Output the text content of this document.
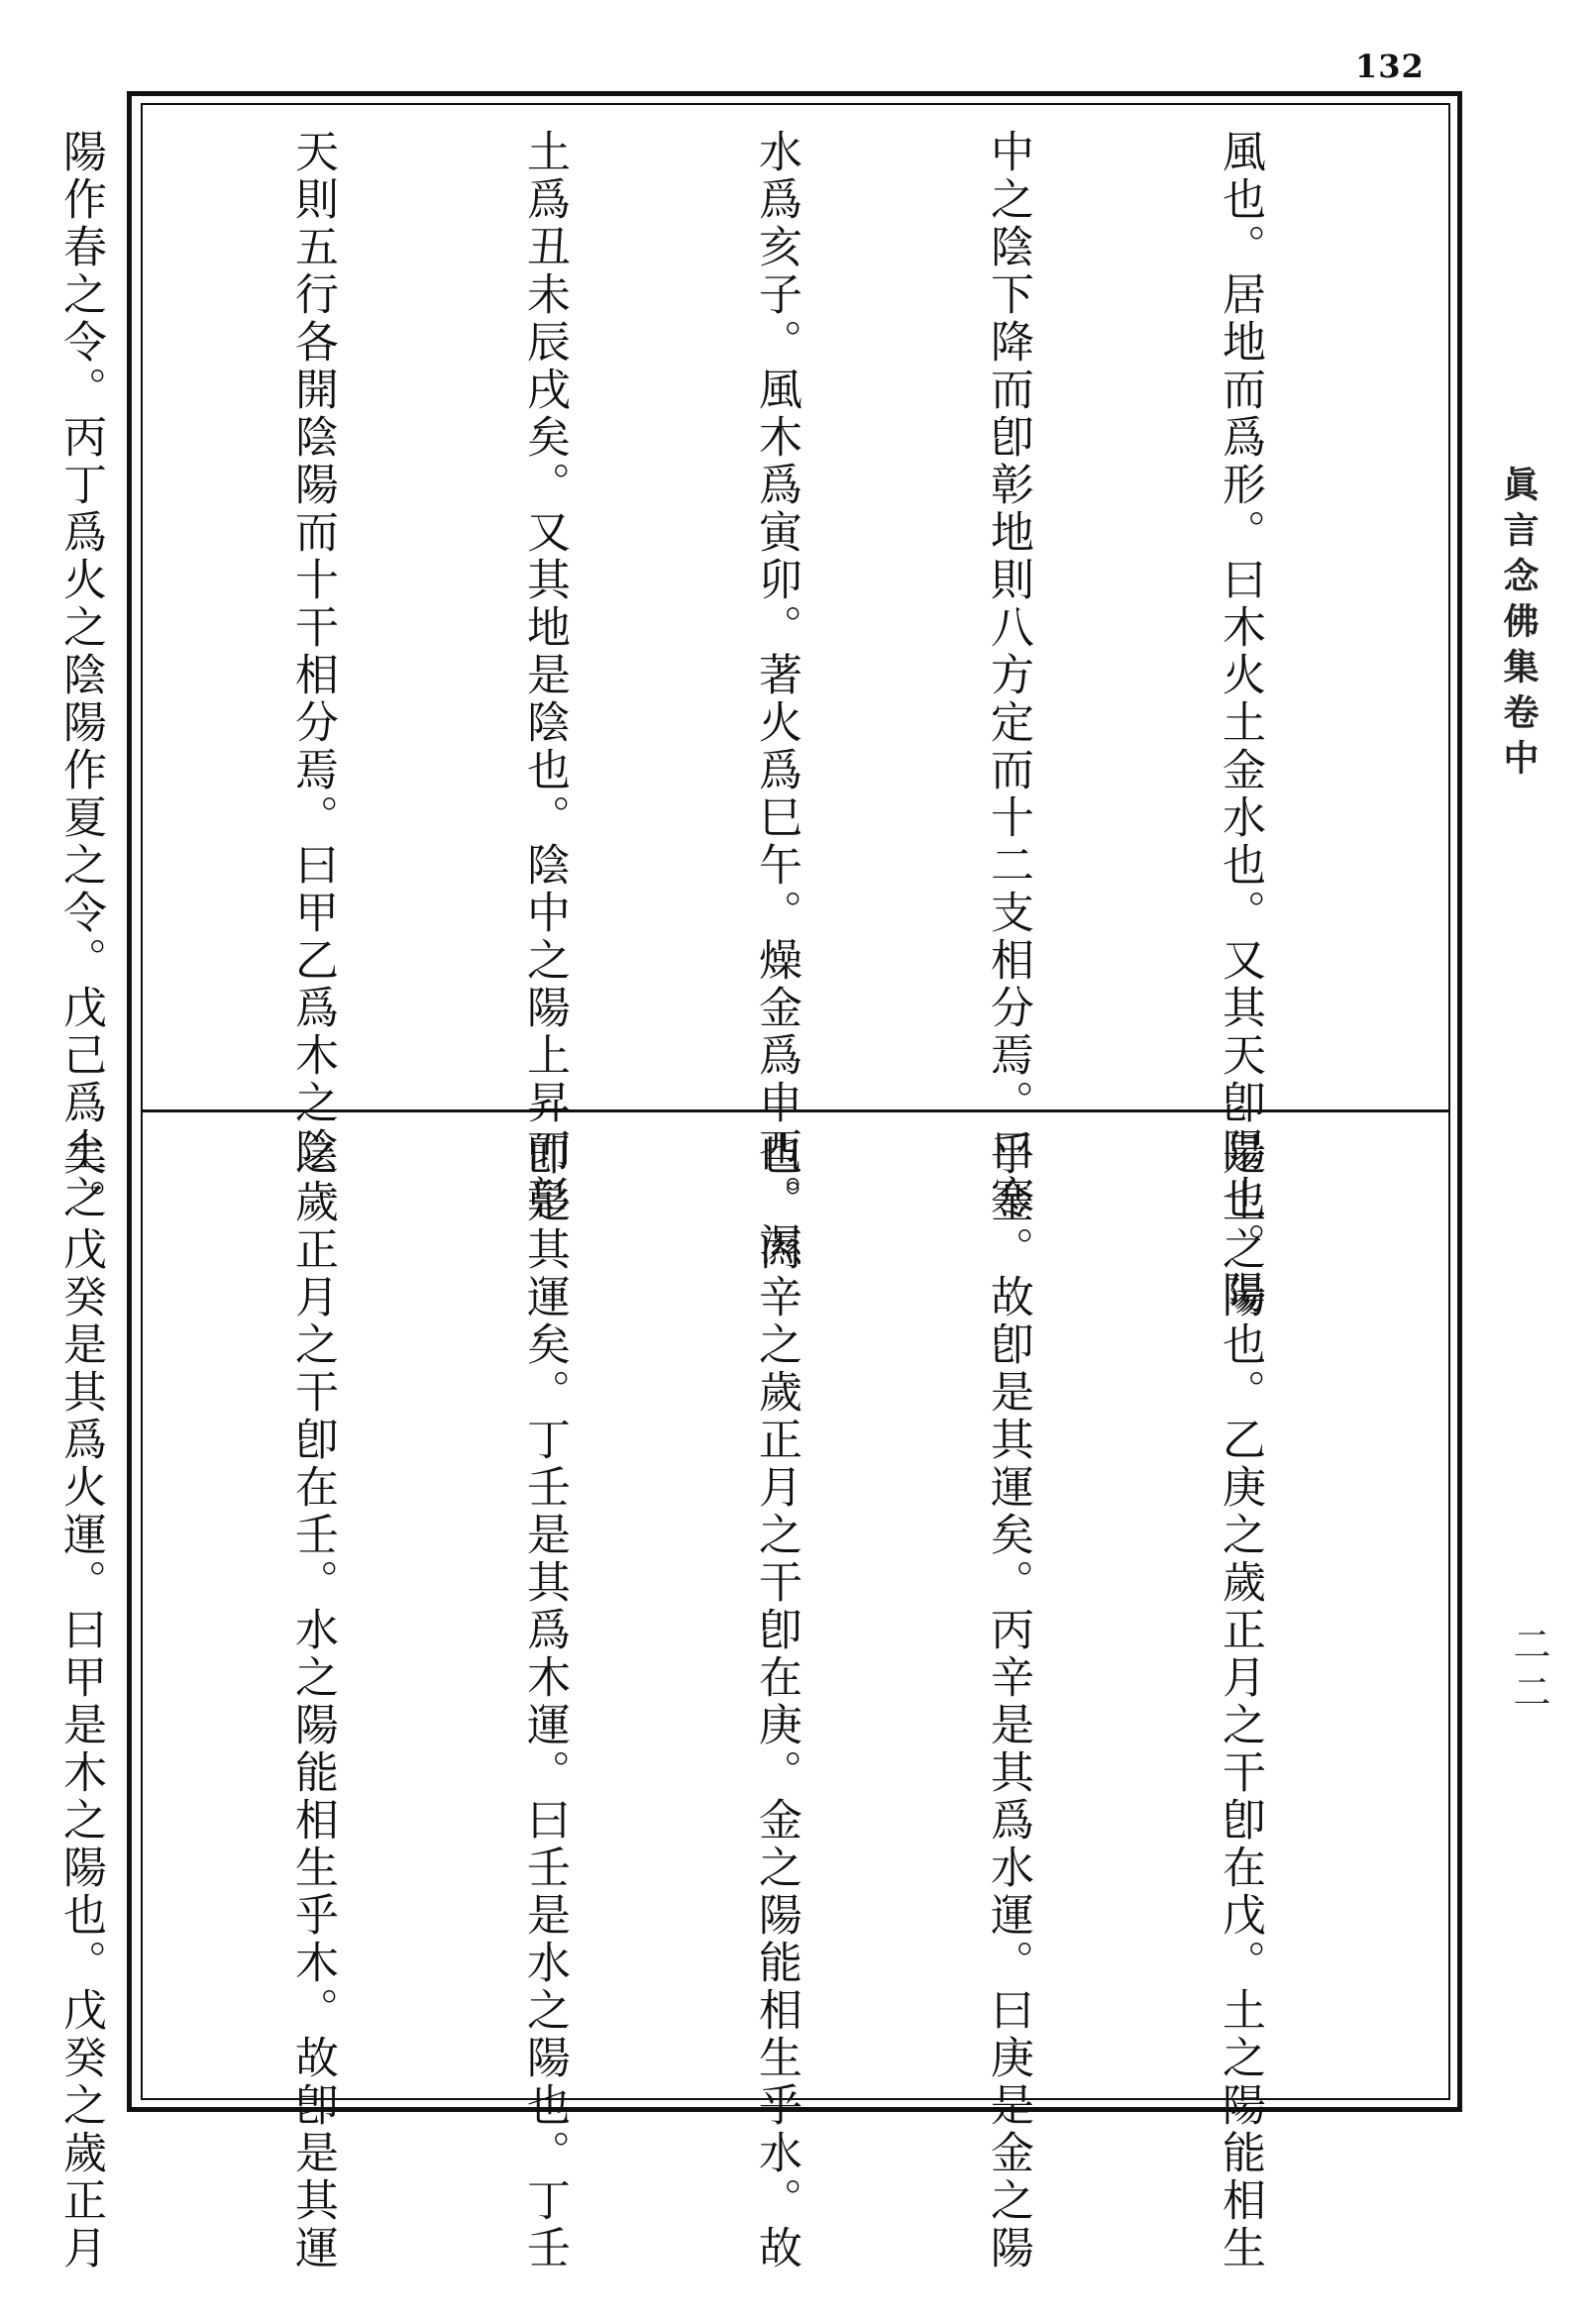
132

風也。居地而爲形。曰木火土金水也。又其天卽陽也。陽

中之陰下降而卽彰地則八方定而十二支相分焉。曰寒

水爲亥子。風木爲寅卯。著火爲巳午。燥金爲申酉。濕

土爲丑未辰戌矣。又其地是陰也。陰中之陽上昇而彰

天則五行各開陰陽而十干相分焉。曰甲乙爲木之陰

陽作春之令。丙丁爲火之陰陽作夏之令。戊己爲土之

是土之陽也。乙庚之歲正月之干卽在戊。土之陽能相生

乎金。故卽是其運矣。丙辛是其爲水運。曰庚是金之陽

也。丙辛之歲正月之干卽在庚。金之陽能相生乎水。故

卽是其運矣。丁壬是其爲木運。曰壬是水之陽也。丁壬

之歲正月之干卽在壬。水之陽能相生乎木。故卽是其運

矣。戊癸是其爲火運。曰甲是木之陽也。戊癸之歲正月

眞言念佛集卷中
二二
